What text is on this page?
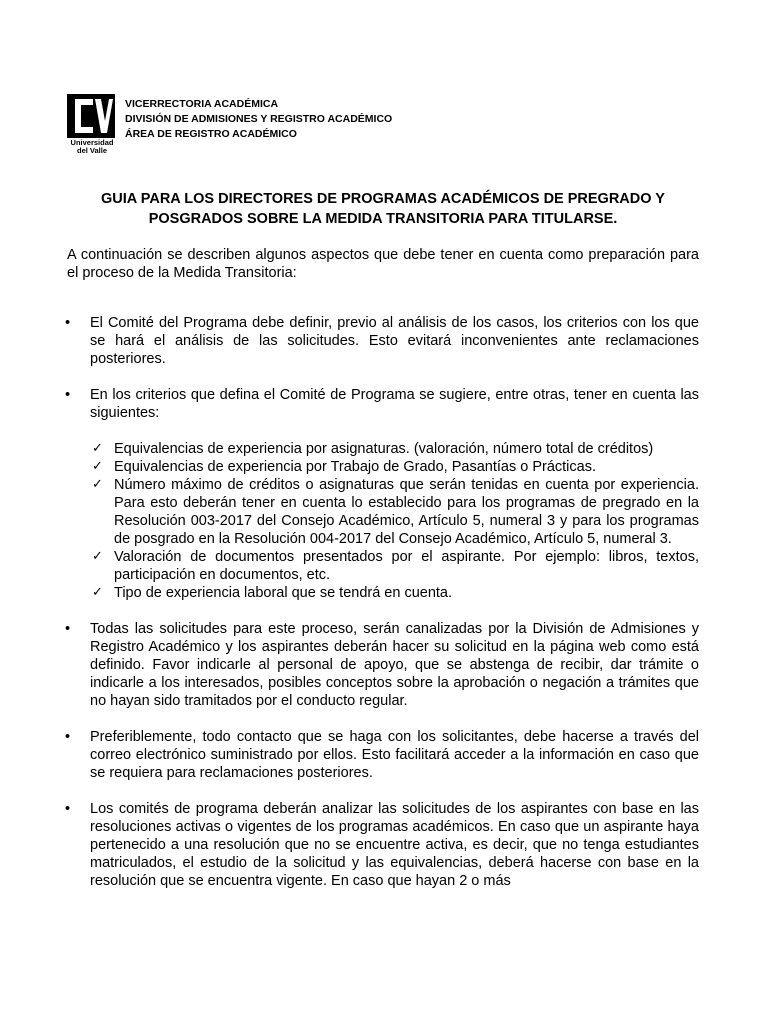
Universidad del Valle
VICERRECTORIA ACADÉMICA
DIVISIÓN DE ADMISIONES Y REGISTRO ACADÉMICO
ÁREA DE REGISTRO ACADÉMICO
GUIA PARA LOS DIRECTORES DE PROGRAMAS ACADÉMICOS DE PREGRADO Y POSGRADOS SOBRE LA MEDIDA TRANSITORIA PARA TITULARSE.

A continuación se describen algunos aspectos que debe tener en cuenta como preparación para el proceso de la Medida Transitoria:

• El Comité del Programa debe definir, previo al análisis de los casos, los criterios con los que se hará el análisis de las solicitudes. Esto evitará inconvenientes ante reclamaciones posteriores.
• En los criterios que defina el Comité de Programa se sugiere, entre otras, tener en cuenta las siguientes:
✓ Equivalencias de experiencia por asignaturas. (valoración, número total de créditos)
✓ Equivalencias de experiencia por Trabajo de Grado, Pasantías o Prácticas.
✓ Número máximo de créditos o asignaturas que serán tenidas en cuenta por experiencia. Para esto deberán tener en cuenta lo establecido para los programas de pregrado en la Resolución 003-2017 del Consejo Académico, Artículo 5, numeral 3 y para los programas de posgrado en la Resolución 004-2017 del Consejo Académico, Artículo 5, numeral 3.
✓ Valoración de documentos presentados por el aspirante. Por ejemplo: libros, textos, participación en documentos, etc.
✓ Tipo de experiencia laboral que se tendrá en cuenta.
• Todas las solicitudes para este proceso, serán canalizadas por la División de Admisiones y Registro Académico y los aspirantes deberán hacer su solicitud en la página web como está definido. Favor indicarle al personal de apoyo, que se abstenga de recibir, dar trámite o indicarle a los interesados, posibles conceptos sobre la aprobación o negación a trámites que no hayan sido tramitados por el conducto regular.
• Preferiblemente, todo contacto que se haga con los solicitantes, debe hacerse a través del correo electrónico suministrado por ellos. Esto facilitará acceder a la información en caso que se requiera para reclamaciones posteriores.
• Los comités de programa deberán analizar las solicitudes de los aspirantes con base en las resoluciones activas o vigentes de los programas académicos. En caso que un aspirante haya pertenecido a una resolución que no se encuentre activa, es decir, que no tenga estudiantes matriculados, el estudio de la solicitud y las equivalencias, deberá hacerse con base en la resolución que se encuentra vigente. En caso que hayan 2 o más
